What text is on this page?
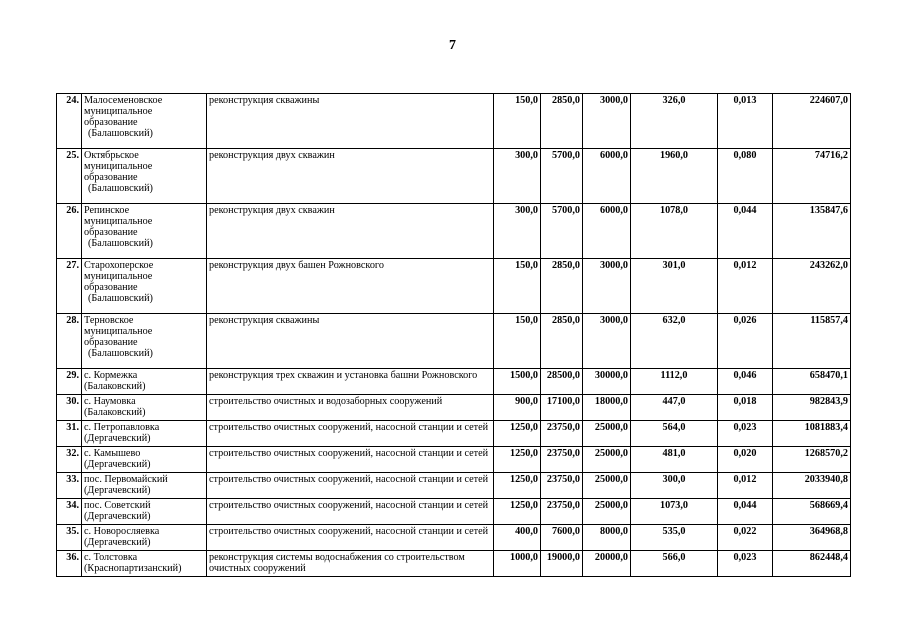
7
24.	Малосеменовское
муниципальное
образование
(Балашовский)	реконструкция скважины	150,0	2850,0	3000,0	326,0	0,013	224607,0
25.	Октябрьское
муниципальное
образование
(Балашовский)	реконструкция двух скважин	300,0	5700,0	6000,0	1960,0	0,080	74716,2
26.	Репинское
муниципальное
образование
(Балашовский)	реконструкция двух скважин	300,0	5700,0	6000,0	1078,0	0,044	135847,6
27.	Старохоперское
муниципальное
образование
(Балашовский)	реконструкция двух башен Рожновского	150,0	2850,0	3000,0	301,0	0,012	243262,0
28.	Терновское
муниципальное
образование
(Балашовский)	реконструкция скважины	150,0	2850,0	3000,0	632,0	0,026	115857,4
29.	с. Кормежка
(Балаковский)	реконструкция трех скважин и установка башни Рожновского	1500,0	28500,0	30000,0	1112,0	0,046	658470,1
30.	с. Наумовка
(Балаковский)	строительство очистных и водозаборных сооружений	900,0	17100,0	18000,0	447,0	0,018	982843,9
31.	с. Петропавловка
(Дергачевский)	строительство очистных сооружений, насосной станции и сетей	1250,0	23750,0	25000,0	564,0	0,023	1081883,4
32.	с. Камышево
(Дергачевский)	строительство очистных сооружений, насосной станции и сетей	1250,0	23750,0	25000,0	481,0	0,020	1268570,2
33.	пос. Первомайский
(Дергачевский)	строительство очистных сооружений, насосной станции и сетей	1250,0	23750,0	25000,0	300,0	0,012	2033940,8
34.	пос. Советский
(Дергачевский)	строительство очистных сооружений, насосной станции и сетей	1250,0	23750,0	25000,0	1073,0	0,044	568669,4
35.	с. Новоросляевка
(Дергачевский)	строительство очистных сооружений, насосной станции и сетей	400,0	7600,0	8000,0	535,0	0,022	364968,8
36.	с. Толстовка
(Краснопартизанский)	реконструкция системы водоснабжения со строительством очистных сооружений	1000,0	19000,0	20000,0	566,0	0,023	862448,4
